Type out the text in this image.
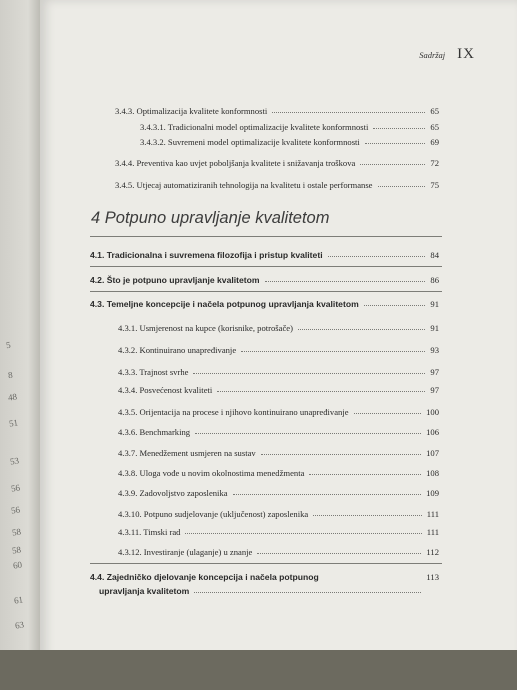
5
8
48
51
53
56
56
58
58
60
61
63
Sadržaj IX
3.4.3. Optimalizacija kvalitete konformnosti	65
3.4.3.1. Tradicionalni model optimalizacije kvalitete konformnosti	65
3.4.3.2. Suvremeni model optimalizacije kvalitete konformnosti	69
3.4.4. Preventiva kao uvjet poboljšanja kvalitete i snižavanja troškova	72
3.4.5. Utjecaj automatiziranih tehnologija na kvalitetu i ostale performanse	75
4 Potpuno upravljanje kvalitetom
4.1. Tradicionalna i suvremena filozofija i pristup kvaliteti	84
4.2. Što je potpuno upravljanje kvalitetom	86
4.3. Temeljne koncepcije i načela potpunog upravljanja kvalitetom	91
4.3.1. Usmjerenost na kupce (korisnike, potrošače)	91
4.3.2. Kontinuirano unapređivanje	93
4.3.3. Trajnost svrhe	97
4.3.4. Posvećenost kvaliteti	97
4.3.5. Orijentacija na procese i njihovo kontinuirano unapređivanje	100
4.3.6. Benchmarking	106
4.3.7. Menedžement usmjeren na sustav	107
4.3.8. Uloga vođe u novim okolnostima menedžmenta	108
4.3.9. Zadovoljstvo zaposlenika	109
4.3.10. Potpuno sudjelovanje (uključenost) zaposlenika	111
4.3.11. Timski rad	111
4.3.12. Investiranje (ulaganje) u znanje	112
4.4. Zajedničko djelovanje koncepcija i načela potpunog
upravljanja kvalitetom
113
